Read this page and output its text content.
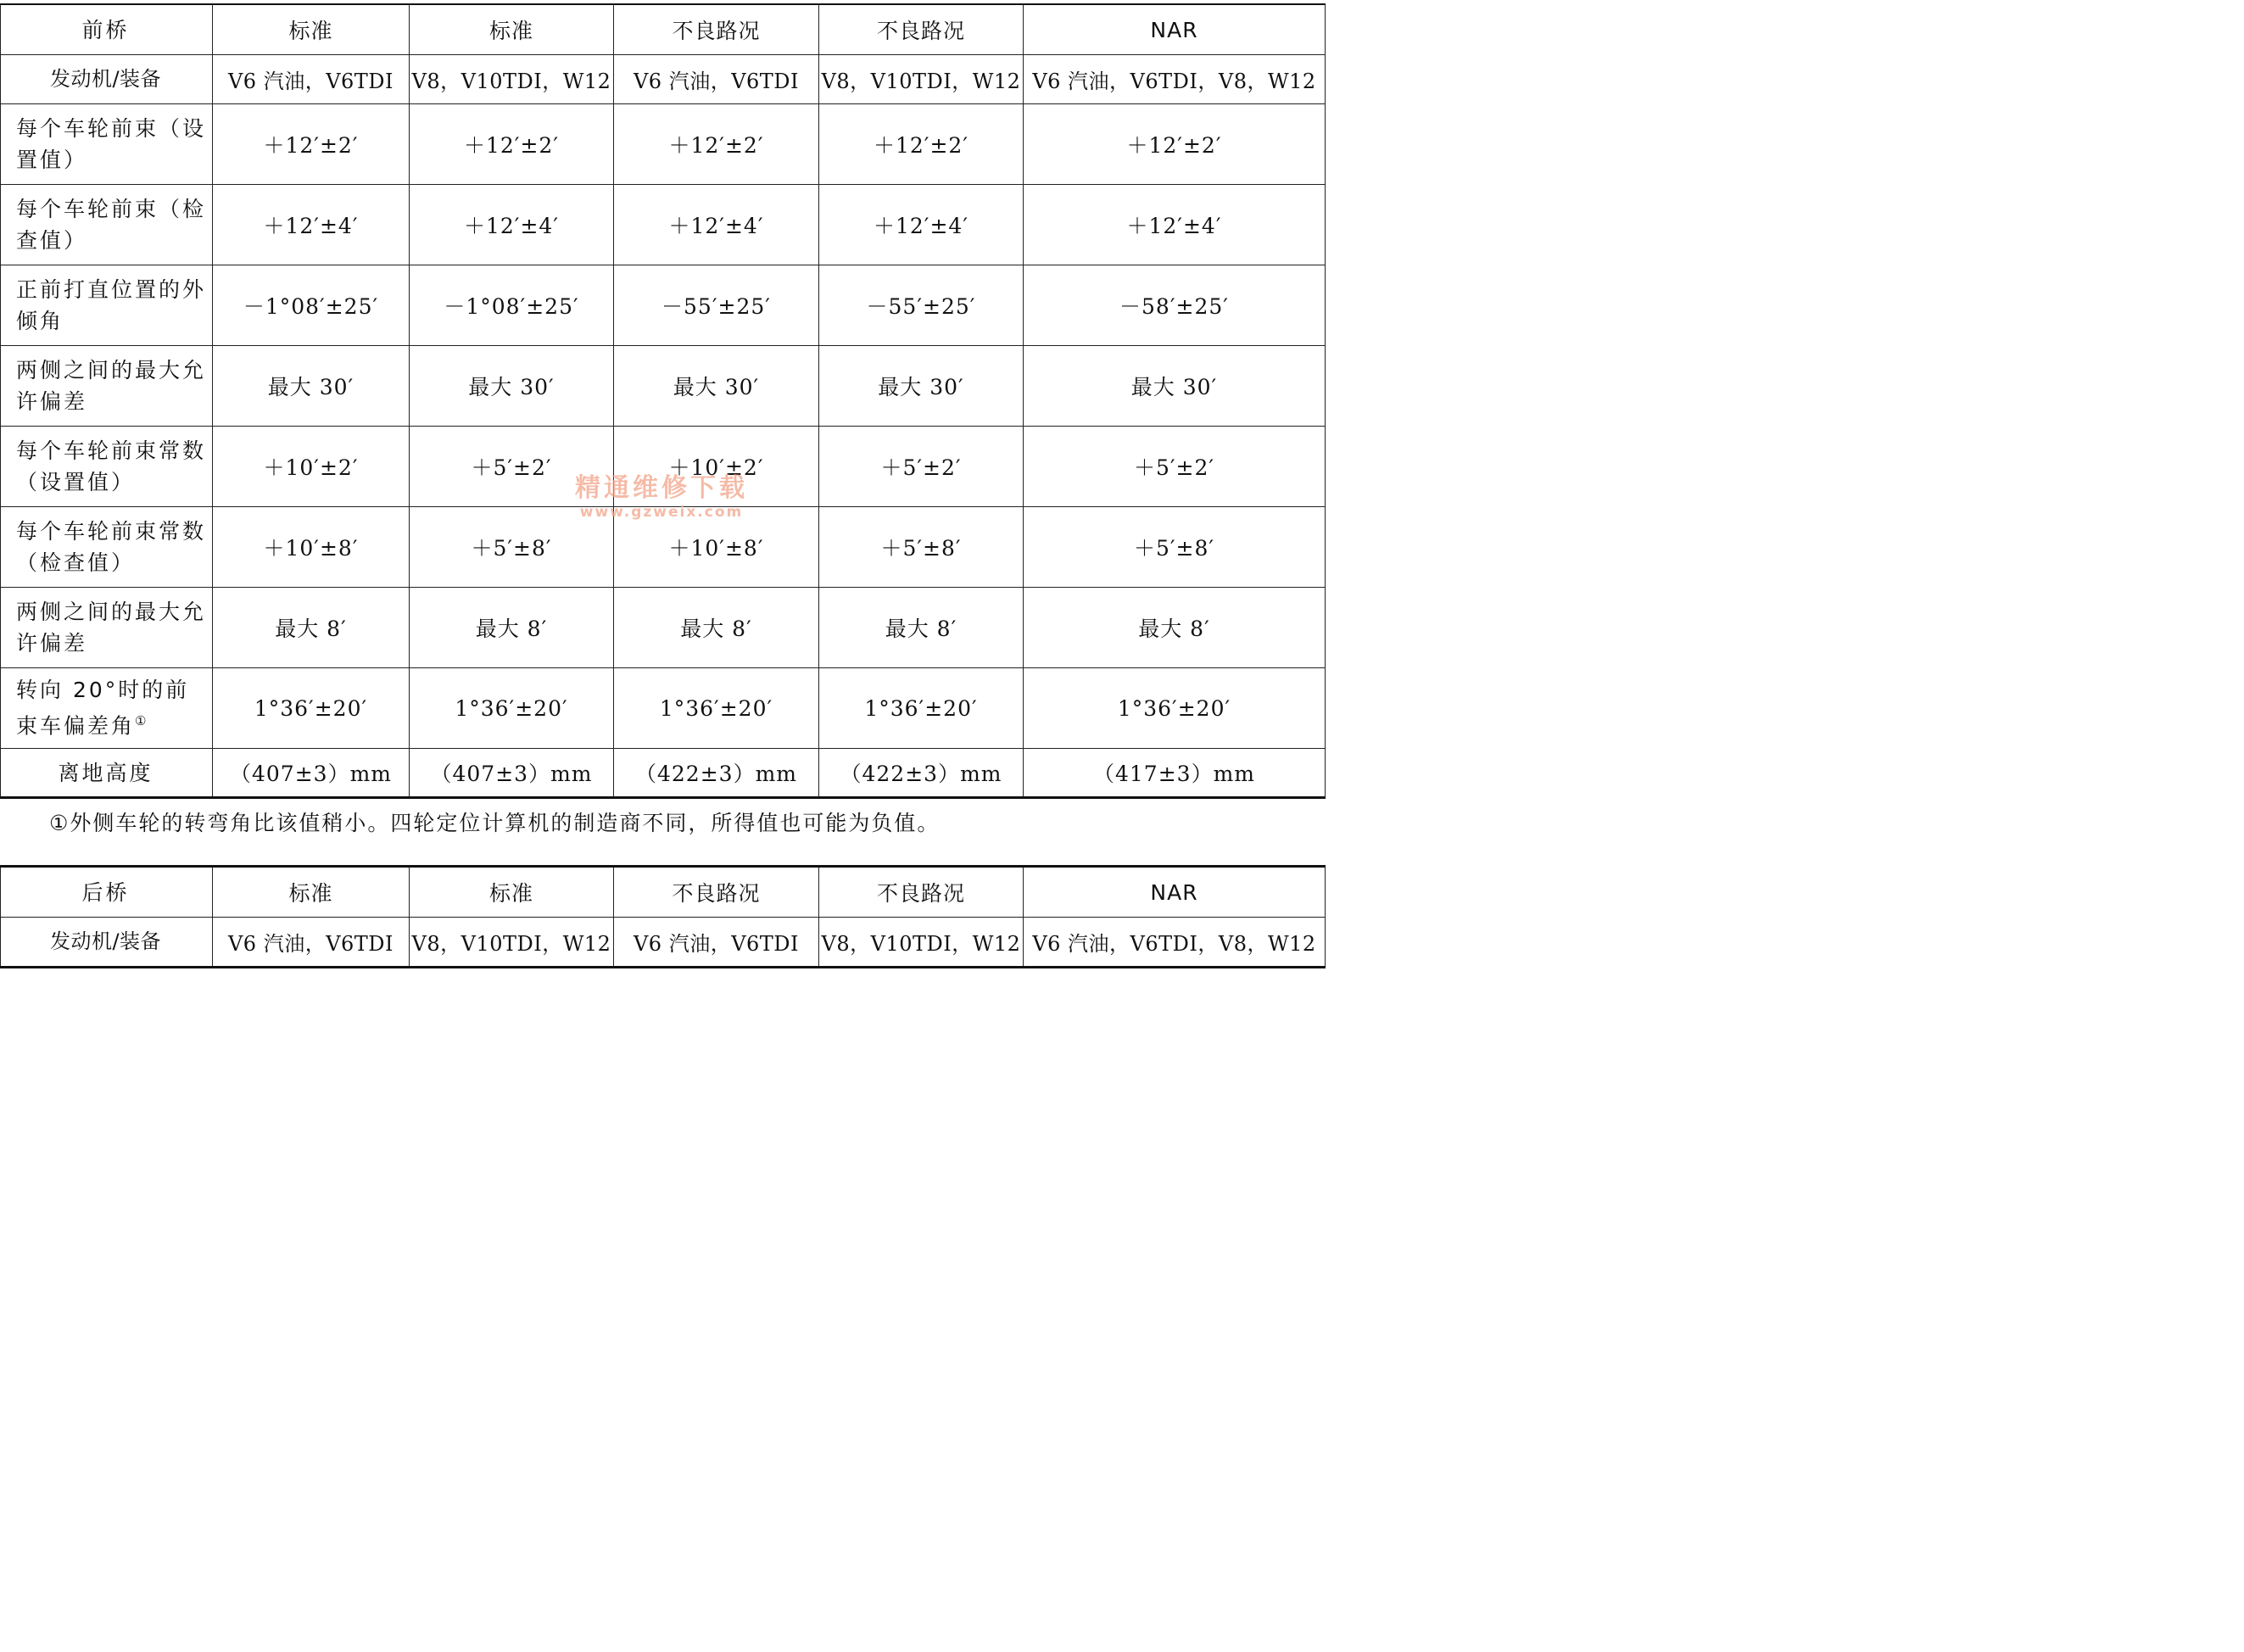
前桥	标准	标准	不良路况	不良路况	NAR
发动机/装备	V6 汽油，V6TDI	V8，V10TDI，W12	V6 汽油，V6TDI	V8，V10TDI，W12	V6 汽油，V6TDI，V8，W12
每个车轮前束（设置值）	＋12′±2′	＋12′±2′	＋12′±2′	＋12′±2′	＋12′±2′
每个车轮前束（检查值）	＋12′±4′	＋12′±4′	＋12′±4′	＋12′±4′	＋12′±4′
正前打直位置的外倾角	－1°08′±25′	－1°08′±25′	－55′±25′	－55′±25′	－58′±25′
两侧之间的最大允许偏差	最大 30′	最大 30′	最大 30′	最大 30′	最大 30′
每个车轮前束常数（设置值）	＋10′±2′	＋5′±2′	＋10′±2′	＋5′±2′	＋5′±2′
每个车轮前束常数（检查值）	＋10′±8′	＋5′±8′	＋10′±8′	＋5′±8′	＋5′±8′
两侧之间的最大允许偏差	最大 8′	最大 8′	最大 8′	最大 8′	最大 8′
转向 20°时的前束车偏差角①	1°36′±20′	1°36′±20′	1°36′±20′	1°36′±20′	1°36′±20′
离地高度	（407±3）mm	（407±3）mm	（422±3）mm	（422±3）mm	（417±3）mm
①外侧车轮的转弯角比该值稍小。四轮定位计算机的制造商不同，所得值也可能为负值。
后桥	标准	标准	不良路况	不良路况	NAR
发动机/装备	V6 汽油，V6TDI	V8，V10TDI，W12	V6 汽油，V6TDI	V8，V10TDI，W12	V6 汽油，V6TDI，V8，W12
精通维修下载
www.gzweix.com
